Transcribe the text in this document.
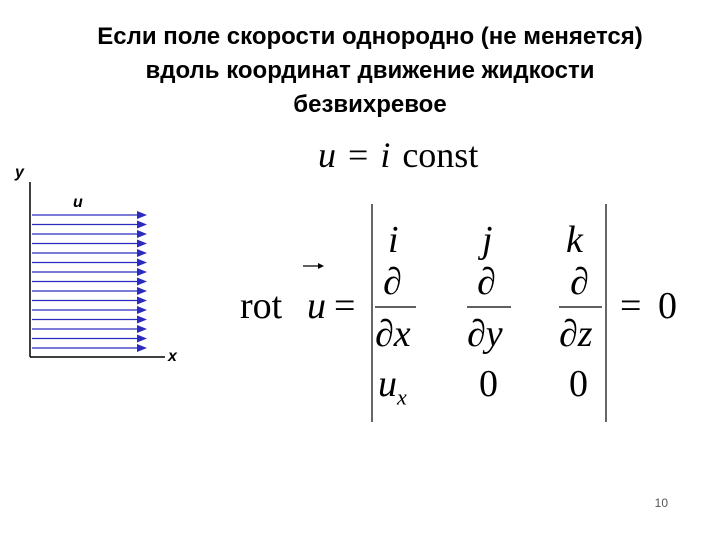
Если поле скорости однородно (не меняется)
вдоль координат движение жидкости
безвихревое
u = i const
y
u
x
rot u =
i j k
∂ ∂ ∂
∂x ∂y ∂z
$u_x$ 0 0
= 0
10
